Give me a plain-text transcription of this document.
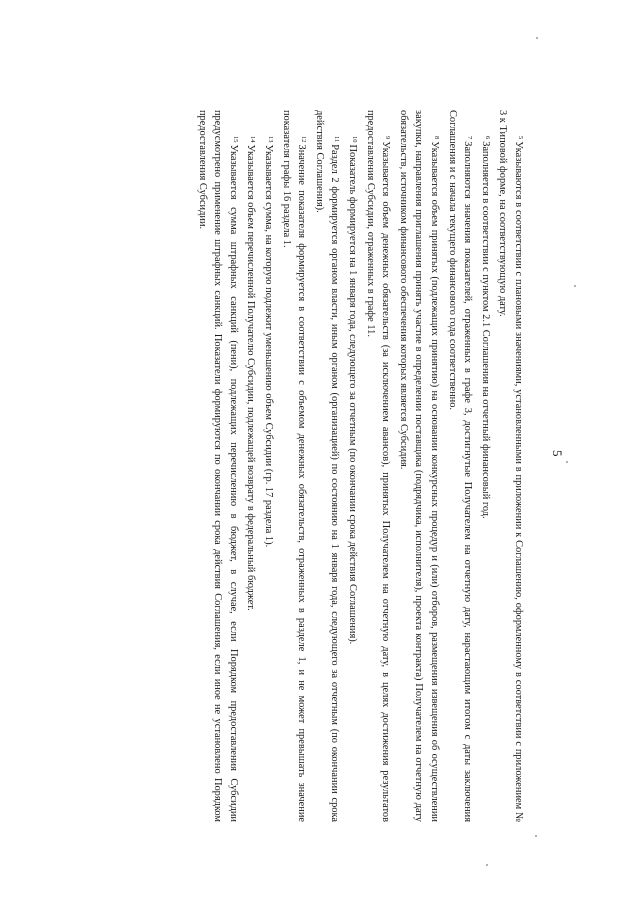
5

$^5$Указываются в соответствии с плановыми значениями, установленными в приложении к Соглашению, оформленному в соответствии с приложением № 3 к Типовой форме, на соответствующую дату.

$^6$Заполняется в соответствии с пунктом 2.1 Соглашения на отчетный финансовый год.

$^7$Заполняются значения показателей, отраженных в графе 3, достигнутые Получателем на отчетную дату, нарастающим итогом с даты заключения Соглашения и с начала текущего финансового года соответственно.

$^8$Указывается объем принятых (подлежащих принятию) на основании конкурсных процедур и (или) отборов, размещения извещения об осуществлении закупки, направления приглашения принять участие в определении поставщика (подрядчика, исполнителя), проекта контракта) Получателем на отчетную дату обязательств, источником финансового обеспечения которых является Субсидия.

$^9$Указывается объем денежных обязательств (за исключением авансов), принятых Получателем на отчетную дату, в целях достижения результатов предоставления Субсидии, отраженных в графе 11.

$^{10}$Показатель формируется на 1 января года, следующего за отчетным (по окончании срока действия Соглашения).

$^{11}$Раздел 2 формируется органом власти, иным органом (организацией) по состоянию на 1 января года, следующего за отчетным (по окончании срока действия Соглашения).

$^{12}$Значение показателя формируется в соответствии с объемом денежных обязательств, отраженных в разделе 1, и не может превышать значение показателя графы 16 раздела 1.

$^{13}$Указывается сумма, на которую подлежит уменьшению объем Субсидии (гр. 17 раздела 1).

$^{14}$Указывается объем перечисленной Получателю Субсидии, подлежащей возврату в федеральный бюджет.

$^{15}$Указывается сумма штрафных санкций (пени), подлежащих перечислению в бюджет, в случае, если Порядком предоставления Субсидии предусмотрено применение штрафных санкций. Показатели формируются по окончании срока действия Соглашения, если иное не установлено Порядком предоставления Субсидии.
